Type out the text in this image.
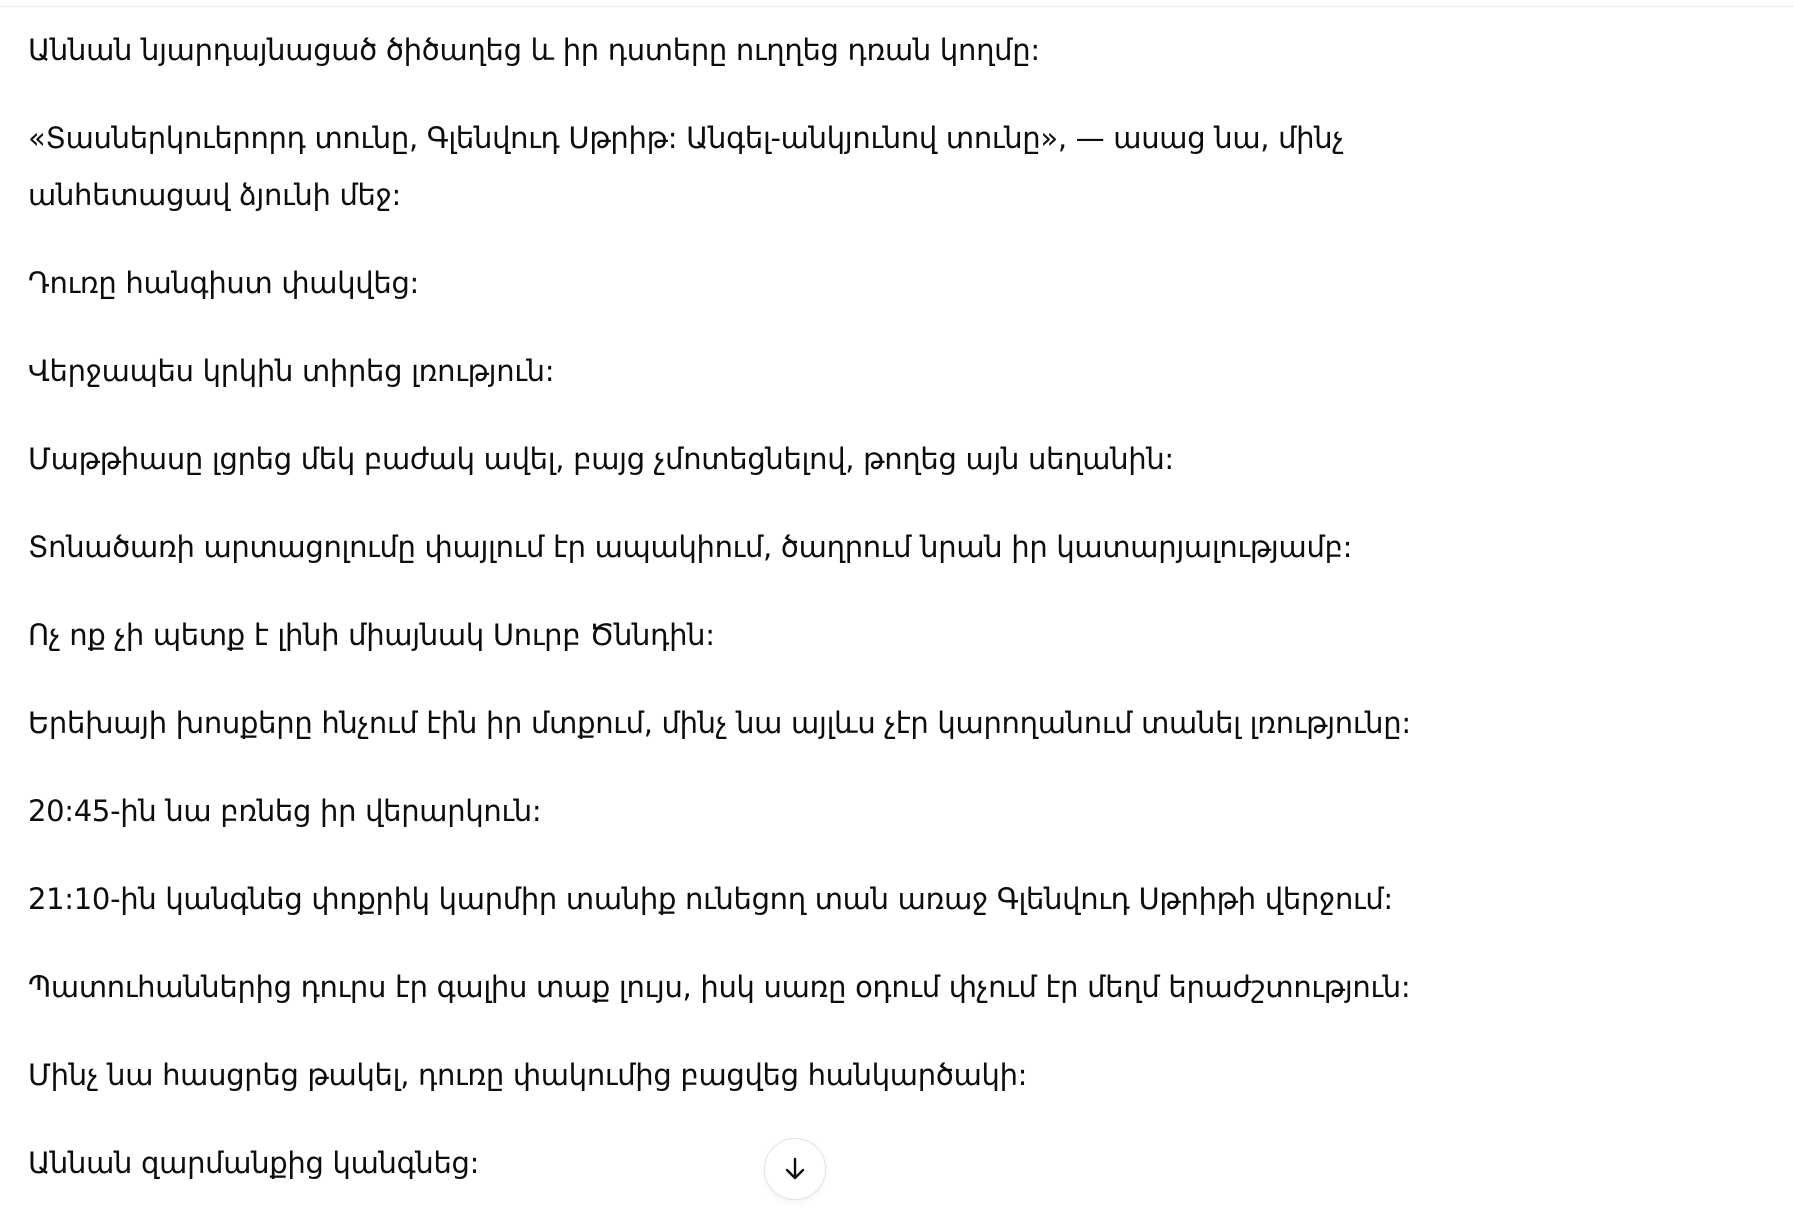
Աննան նյարդայնացած ծիծաղեց և իր դստերը ուղղեց դռան կողմը:

«Տասներկուերորդ տունը, Գլենվուդ Սթրիթ: Անգել-անկյունով տունը», — ասաց նա, մինչ անհետացավ ձյունի մեջ:

Դուռը հանգիստ փակվեց:

Վերջապես կրկին տիրեց լռություն:

Մաթթիասը լցրեց մեկ բաժակ ավել, բայց չմոտեցնելով, թողեց այն սեղանին:

Տոնածառի արտացոլումը փայլում էր ապակիում, ծաղրում նրան իր կատարյալությամբ:

Ոչ ոք չի պետք է լինի միայնակ Սուրբ Ծննդին:

Երեխայի խոսքերը հնչում էին իր մտքում, մինչ նա այլևս չէր կարողանում տանել լռությունը:

20:45-ին նա բռնեց իր վերարկուն:

21:10-ին կանգնեց փոքրիկ կարմիր տանիք ունեցող տան առաջ Գլենվուդ Սթրիթի վերջում:

Պատուհաններից դուրս էր գալիս տաք լույս, իսկ սառը օդում փչում էր մեղմ երաժշտություն:

Մինչ նա հասցրեց թակել, դուռը փակումից բացվեց հանկարծակի:

Աննան զարմանքից կանգնեց:
